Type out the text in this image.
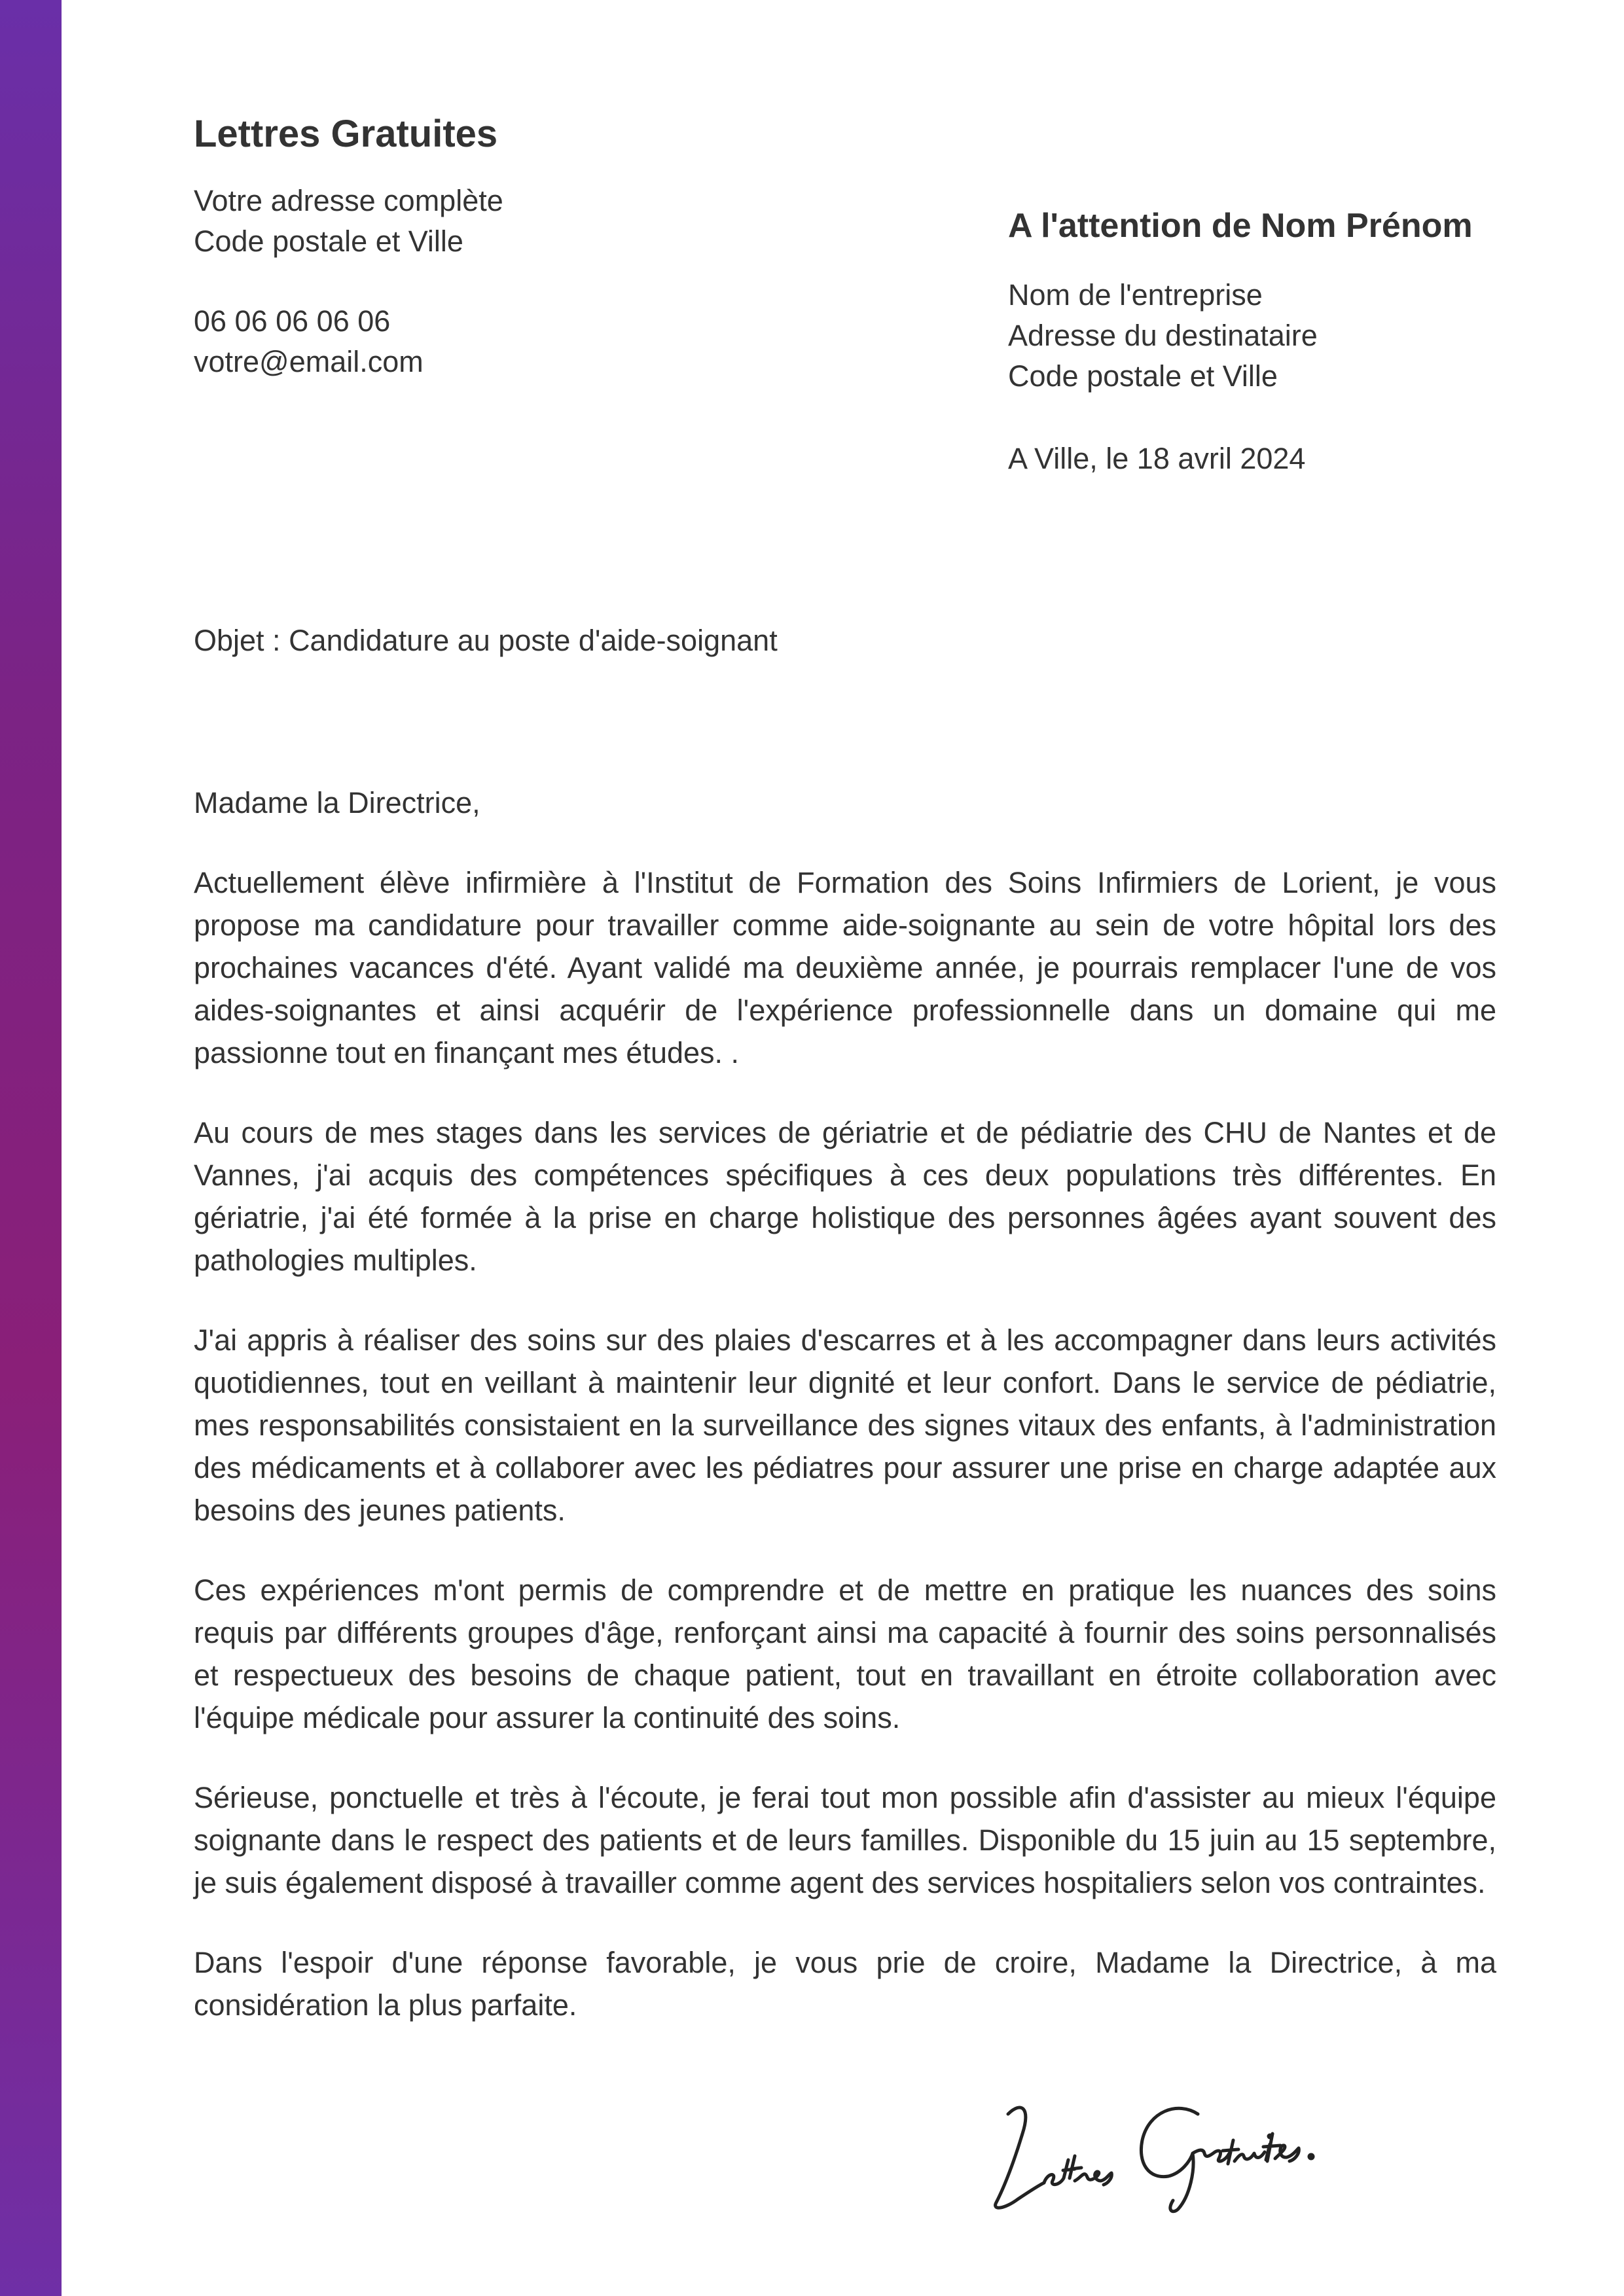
Lettres Gratuites
Votre adresse complète
Code postale et Ville
06 06 06 06 06
votre@email.com
A l'attention de Nom Prénom
Nom de l'entreprise
Adresse du destinataire
Code postale et Ville
A Ville, le 18 avril 2024
Objet : Candidature au poste d'aide-soignant
Madame la Directrice,

Actuellement élève infirmière à l'Institut de Formation des Soins Infirmiers de Lorient, je vous propose ma candidature pour travailler comme aide-soignante au sein de votre hôpital lors des prochaines vacances d'été. Ayant validé ma deuxième année, je pourrais remplacer l'une de vos aides-soignantes et ainsi acquérir de l'expérience professionnelle dans un domaine qui me passionne tout en finançant mes études. .

Au cours de mes stages dans les services de gériatrie et de pédiatrie des CHU de Nantes et de Vannes, j'ai acquis des compétences spécifiques à ces deux populations très différentes. En gériatrie, j'ai été formée à la prise en charge holistique des personnes âgées ayant souvent des pathologies multiples.

J'ai appris à réaliser des soins sur des plaies d'escarres et à les accompagner dans leurs activités quotidiennes, tout en veillant à maintenir leur dignité et leur confort. Dans le service de pédiatrie, mes responsabilités consistaient en la surveillance des signes vitaux des enfants, à l'administration des médicaments et à collaborer avec les pédiatres pour assurer une prise en charge adaptée aux besoins des jeunes patients.

Ces expériences m'ont permis de comprendre et de mettre en pratique les nuances des soins requis par différents groupes d'âge, renforçant ainsi ma capacité à fournir des soins personnalisés et respectueux des besoins de chaque patient, tout en travaillant en étroite collaboration avec l'équipe médicale pour assurer la continuité des soins.

Sérieuse, ponctuelle et très à l'écoute, je ferai tout mon possible afin d'assister au mieux l'équipe soignante dans le respect des patients et de leurs familles. Disponible du 15 juin au 15 septembre, je suis également disposé à travailler comme agent des services hospitaliers selon vos contraintes.

Dans l'espoir d'une réponse favorable, je vous prie de croire, Madame la Directrice, à ma considération la plus parfaite.
